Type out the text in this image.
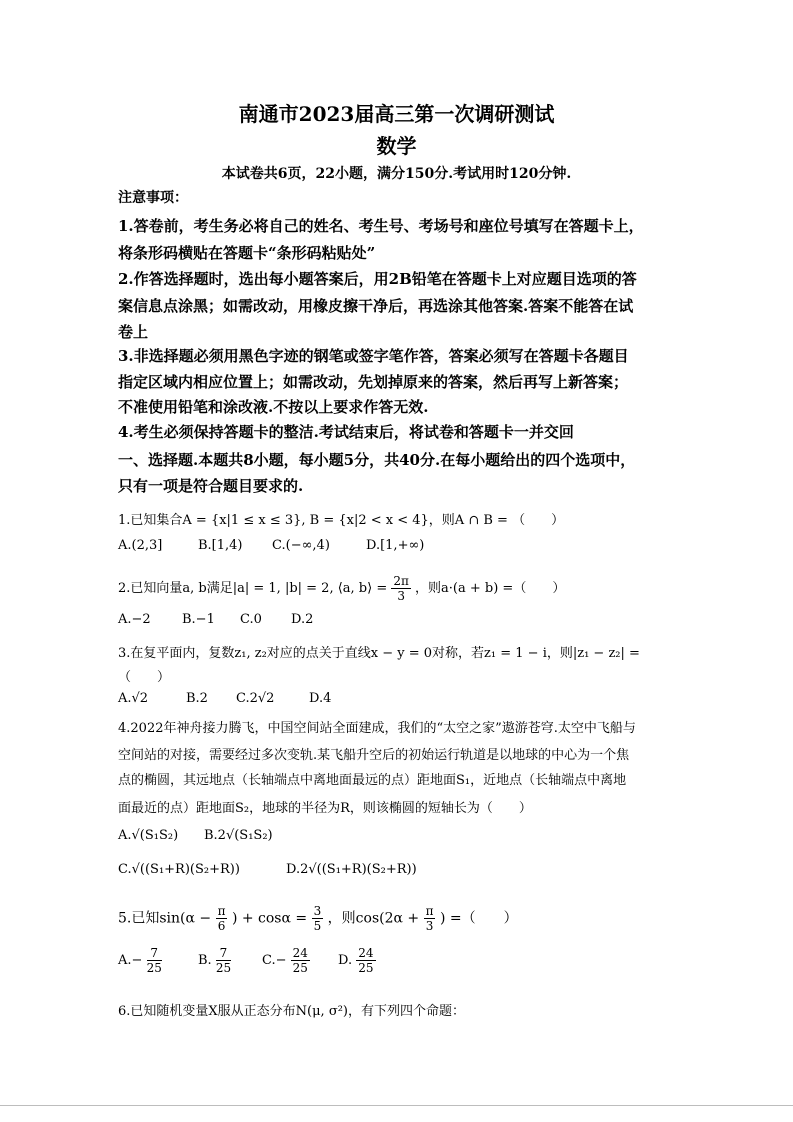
南通市2023届高三第一次调研测试
数学
本试卷共6页，22小题，满分150分.考试用时120分钟.
注意事项：
1.答卷前，考生务必将自己的姓名、考生号、考场号和座位号填写在答题卡上，
将条形码横贴在答题卡“条形码粘贴处”
2.作答选择题时，选出每小题答案后，用2B铅笔在答题卡上对应题目选项的答
案信息点涂黑；如需改动，用橡皮擦干净后，再选涂其他答案.答案不能答在试
卷上
3.非选择题必须用黑色字迹的钢笔或签字笔作答，答案必须写在答题卡各题目
指定区域内相应位置上；如需改动，先划掉原来的答案，然后再写上新答案；
不准使用铅笔和涂改液.不按以上要求作答无效.
4.考生必须保持答题卡的整洁.考试结束后，将试卷和答题卡一并交回
一、选择题.本题共8小题，每小题5分，共40分.在每小题给出的四个选项中，
只有一项是符合题目要求的.
1.已知集合A = {x|1 ≤ x ≤ 3}, B = {x|2 < x < 4}，则A ∩ B = （　　）
A.(2,3]	B.[1,4) C.(−∞,4)	D.[1,+∞)
2.已知向量a, b满足|a| = 1, |b| = 2, ⟨a, b⟩ = $\frac{2\pi}{3}$ ，则a·(a + b) =（　　）
A.−2 B.−1 C.0 D.2
3.在复平面内，复数z₁, z₂对应的点关于直线x − y = 0对称，若z₁ = 1 − i，则|z₁ − z₂| =
（　　）
A.√2	B.2 C.2√2	D.4
4.2022年神舟接力腾飞，中国空间站全面建成，我们的“太空之家”遨游苍穹.太空中飞船与
空间站的对接，需要经过多次变轨.某飞船升空后的初始运行轨道是以地球的中心为一个焦
点的椭圆，其远地点（长轴端点中离地面最远的点）距地面S₁，近地点（长轴端点中离地
面最近的点）距地面S₂，地球的半径为R，则该椭圆的短轴长为（　　）
A.√(S₁S₂) B.2√(S₁S₂)
C.√((S₁+R)(S₂+R))	D.2√((S₁+R)(S₂+R))
5.已知$\sin(\alpha - \frac{\pi}{6}$ ) + $\cos\alpha = \frac{3}{5}$ ，则$\cos(2\alpha + \frac{\pi}{3}$ ) =（　　）
$A.- \frac{7}{25}$	B. $\frac{7}{25} C.- \frac{24}{25} D$. $\frac{24}{25}$
6.已知随机变量X服从正态分布N(μ, σ²)，有下列四个命题：
